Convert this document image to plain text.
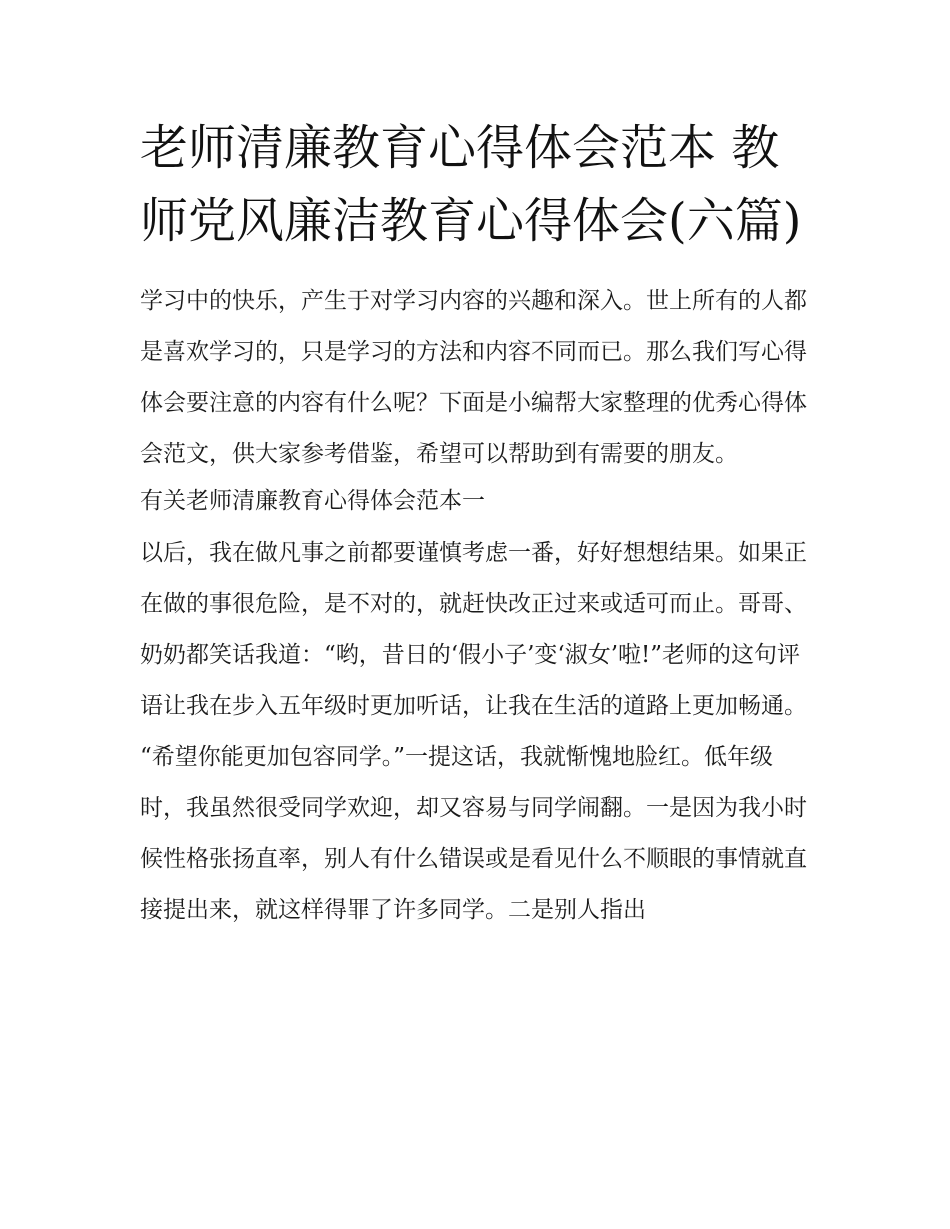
老师清廉教育心得体会范本 教师党风廉洁教育心得体会(六篇)

学习中的快乐，产生于对学习内容的兴趣和深入。世上所有的人都是喜欢学习的，只是学习的方法和内容不同而已。那么我们写心得体会要注意的内容有什么呢？下面是小编帮大家整理的优秀心得体会范文，供大家参考借鉴，希望可以帮助到有需要的朋友。

有关老师清廉教育心得体会范本一

以后，我在做凡事之前都要谨慎考虑一番，好好想想结果。如果正在做的事很危险，是不对的，就赶快改正过来或适可而止。哥哥、奶奶都笑话我道：“哟，昔日的‘假小子’变‘淑女’啦!”老师的这句评语让我在步入五年级时更加听话，让我在生活的道路上更加畅通。

“希望你能更加包容同学。”一提这话，我就惭愧地脸红。低年级时，我虽然很受同学欢迎，却又容易与同学闹翻。一是因为我小时候性格张扬直率，别人有什么错误或是看见什么不顺眼的事情就直接提出来，就这样得罪了许多同学。二是别人指出
